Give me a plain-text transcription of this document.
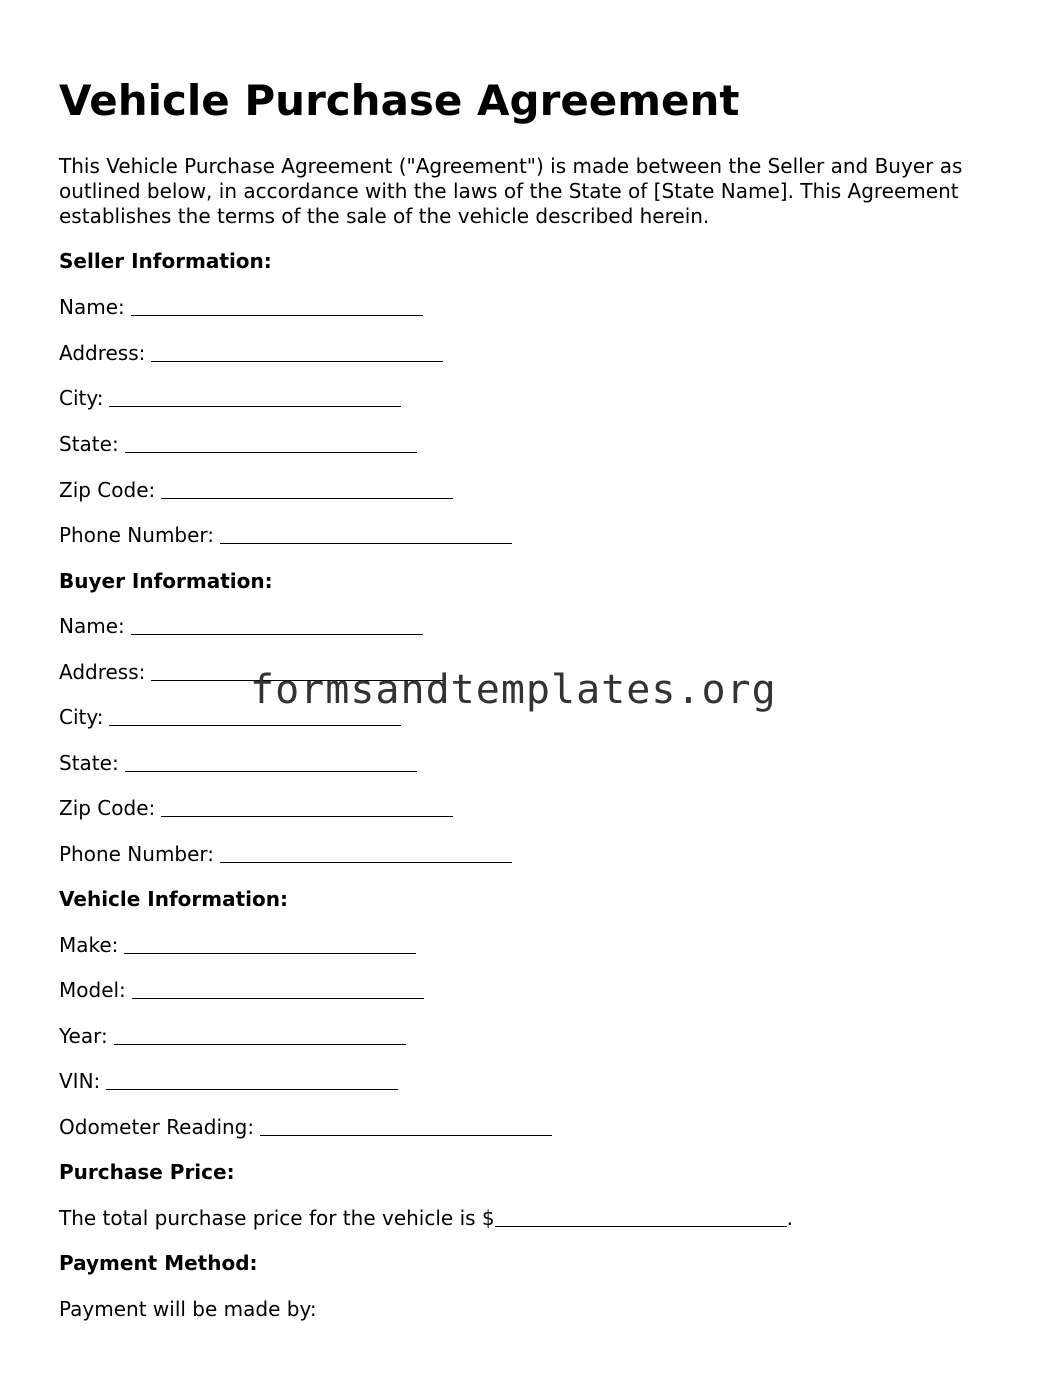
Vehicle Purchase Agreement

This Vehicle Purchase Agreement ("Agreement") is made between the Seller and Buyer as outlined below, in accordance with the laws of the State of [State Name]. This Agreement establishes the terms of the sale of the vehicle described herein.

Seller Information:
Name:
Address:
City:
State:
Zip Code:
Phone Number:
Buyer Information:
Name:
Address:
City:
State:
Zip Code:
Phone Number:
Vehicle Information:
Make:
Model:
Year:
VIN:
Odometer Reading:
Purchase Price:
The total purchase price for the vehicle is $	.
Payment Method:
Payment will be made by:
formsandtemplates.org
